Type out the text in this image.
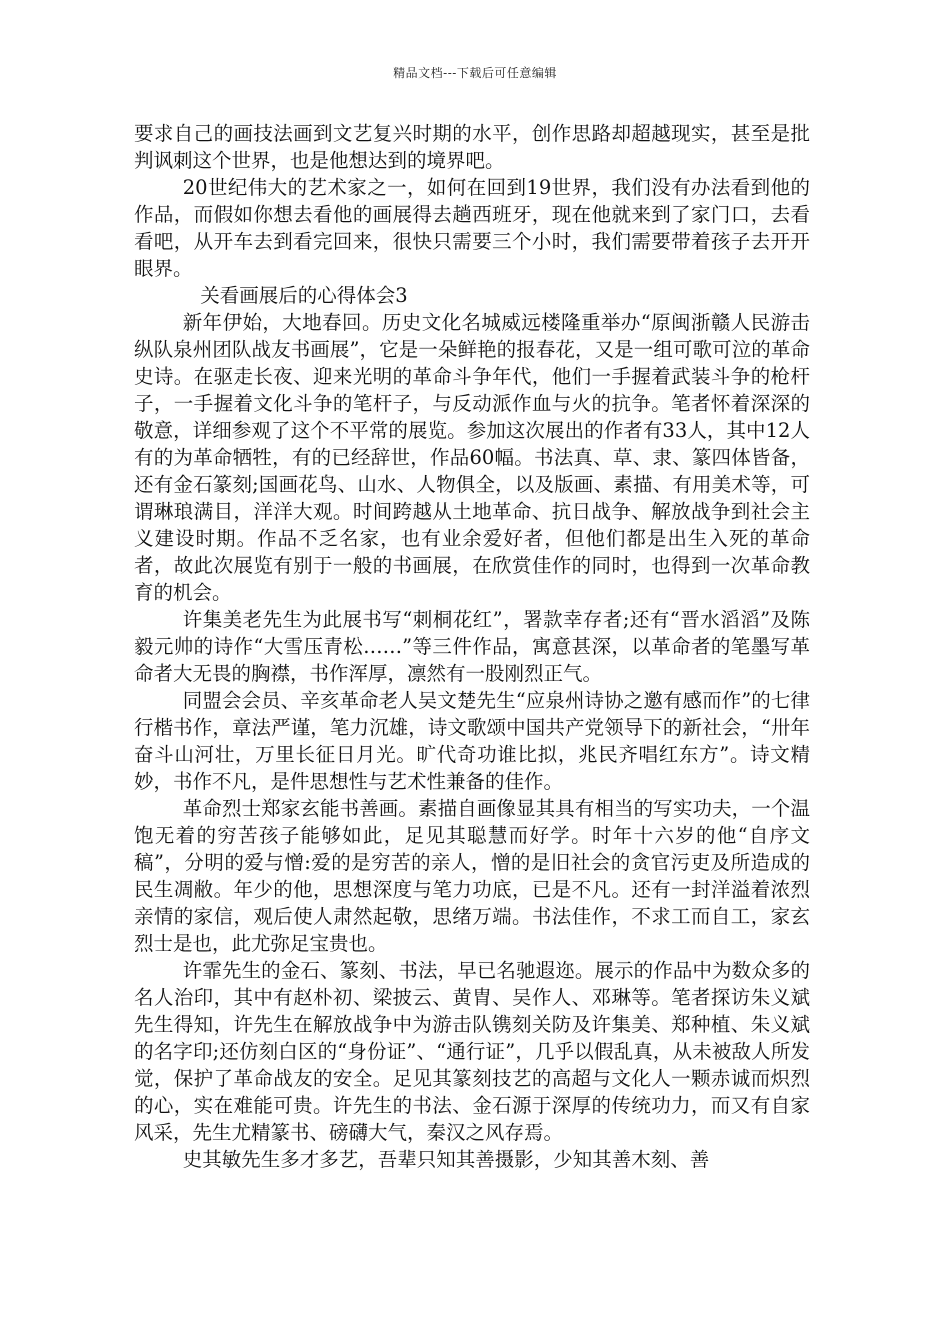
精品文档---下载后可任意编辑

要求自己的画技法画到文艺复兴时期的水平，创作思路却超越现实，甚至是批判讽刺这个世界，也是他想达到的境界吧。

20世纪伟大的艺术家之一，如何在回到19世界，我们没有办法看到他的作品，而假如你想去看他的画展得去趟西班牙，现在他就来到了家门口，去看看吧，从开车去到看完回来，很快只需要三个小时，我们需要带着孩子去开开眼界。

关看画展后的心得体会3

新年伊始，大地春回。历史文化名城威远楼隆重举办“原闽浙赣人民游击纵队泉州团队战友书画展”，它是一朵鲜艳的报春花，又是一组可歌可泣的革命史诗。在驱走长夜、迎来光明的革命斗争年代，他们一手握着武装斗争的枪杆子，一手握着文化斗争的笔杆子，与反动派作血与火的抗争。笔者怀着深深的敬意，详细参观了这个不平常的展览。参加这次展出的作者有33人，其中12人有的为革命牺牲，有的已经辞世，作品60幅。书法真、草、隶、篆四体皆备，还有金石篆刻;国画花鸟、山水、人物俱全，以及版画、素描、有用美术等，可谓琳琅满目，洋洋大观。时间跨越从土地革命、抗日战争、解放战争到社会主义建设时期。作品不乏名家，也有业余爱好者，但他们都是出生入死的革命者，故此次展览有别于一般的书画展，在欣赏佳作的同时，也得到一次革命教育的机会。

许集美老先生为此展书写“刺桐花红”，署款幸存者;还有“晋水滔滔”及陈毅元帅的诗作“大雪压青松……”等三件作品，寓意甚深，以革命者的笔墨写革命者大无畏的胸襟，书作浑厚，凛然有一股刚烈正气。

同盟会会员、辛亥革命老人吴文楚先生“应泉州诗协之邀有感而作”的七律行楷书作，章法严谨，笔力沉雄，诗文歌颂中国共产党领导下的新社会，“卅年奋斗山河壮，万里长征日月光。旷代奇功谁比拟，兆民齐唱红东方”。诗文精妙，书作不凡，是件思想性与艺术性兼备的佳作。

革命烈士郑家玄能书善画。素描自画像显其具有相当的写实功夫，一个温饱无着的穷苦孩子能够如此，足见其聪慧而好学。时年十六岁的他“自序文稿”，分明的爱与憎:爱的是穷苦的亲人，憎的是旧社会的贪官污吏及所造成的民生凋敝。年少的他，思想深度与笔力功底，已是不凡。还有一封洋溢着浓烈亲情的家信，观后使人肃然起敬，思绪万端。书法佳作，不求工而自工，家玄烈士是也，此尤弥足宝贵也。

许霏先生的金石、篆刻、书法，早已名驰遐迩。展示的作品中为数众多的名人治印，其中有赵朴初、梁披云、黄胄、吴作人、邓琳等。笔者探访朱义斌先生得知，许先生在解放战争中为游击队镌刻关防及许集美、郑种植、朱义斌的名字印;还仿刻白区的“身份证”、“通行证”，几乎以假乱真，从未被敌人所发觉，保护了革命战友的安全。足见其篆刻技艺的高超与文化人一颗赤诚而炽烈的心，实在难能可贵。许先生的书法、金石源于深厚的传统功力，而又有自家风采，先生尤精篆书、磅礴大气，秦汉之风存焉。

史其敏先生多才多艺，吾辈只知其善摄影，少知其善木刻、善
